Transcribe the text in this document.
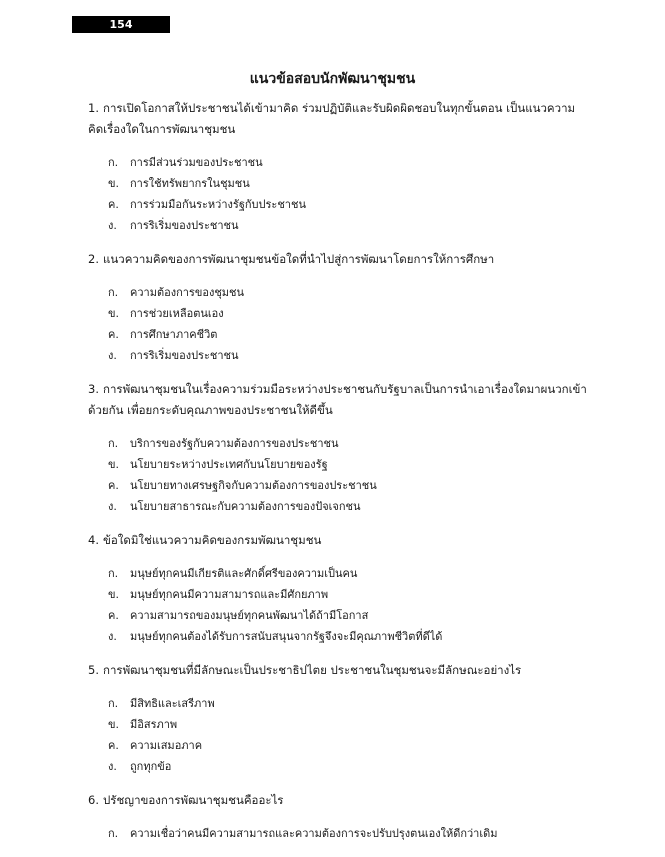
154
แนวข้อสอบนักพัฒนาชุมชน

1. การเปิดโอกาสให้ประชาชนได้เข้ามาคิด ร่วมปฏิบัติและรับผิดผิดชอบในทุกขั้นตอน เป็นแนวความคิดเรื่องใดในการพัฒนาชุมชน

ก. การมีส่วนร่วมของประชาชน
ข. การใช้ทรัพยากรในชุมชน
ค. การร่วมมือกันระหว่างรัฐกับประชาชน
ง. การริเริ่มของประชาชน

2. แนวความคิดของการพัฒนาชุมชนข้อใดที่นำไปสู่การพัฒนาโดยการให้การศึกษา

ก. ความต้องการของชุมชน
ข. การช่วยเหลือตนเอง
ค. การศึกษาภาคชีวิต
ง. การริเริ่มของประชาชน

3. การพัฒนาชุมชนในเรื่องความร่วมมือระหว่างประชาชนกับรัฐบาลเป็นการนำเอาเรื่องใดมาผนวกเข้าด้วยกัน เพื่อยกระดับคุณภาพของประชาชนให้ดีขึ้น

ก. บริการของรัฐกับความต้องการของประชาชน
ข. นโยบายระหว่างประเทศกับนโยบายของรัฐ
ค. นโยบายทางเศรษฐกิจกับความต้องการของประชาชน
ง. นโยบายสาธารณะกับความต้องการของปัจเจกชน

4. ข้อใดมิใช่แนวความคิดของกรมพัฒนาชุมชน

ก. มนุษย์ทุกคนมีเกียรติและศักดิ์ศรีของความเป็นคน
ข. มนุษย์ทุกคนมีความสามารถและมีศักยภาพ
ค. ความสามารถของมนุษย์ทุกคนพัฒนาได้ถ้ามีโอกาส
ง. มนุษย์ทุกคนต้องได้รับการสนับสนุนจากรัฐจึงจะมีคุณภาพชีวิตที่ดีได้

5. การพัฒนาชุมชนที่มีลักษณะเป็นประชาธิปไตย ประชาชนในชุมชนจะมีลักษณะอย่างไร

ก. มีสิทธิและเสรีภาพ
ข. มีอิสรภาพ
ค. ความเสมอภาค
ง. ถูกทุกข้อ

6. ปรัชญาของการพัฒนาชุมชนคืออะไร

ก. ความเชื่อว่าคนมีความสามารถและความต้องการจะปรับปรุงตนเองให้ดีกว่าเดิม
